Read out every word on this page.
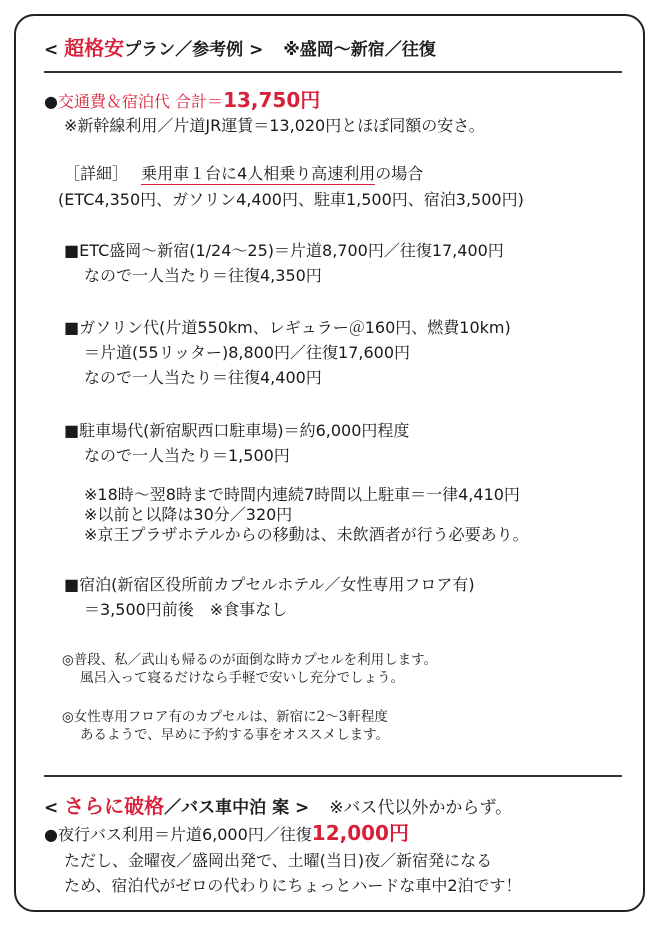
< 超格安プラン／参考例 > ※盛岡〜新宿／往復
●交通費＆宿泊代 合計＝13,750円
※新幹線利用／片道JR運賃＝13,020円とほぼ同額の安さ。
［詳細］ 乗用車１台に4人相乗り高速利用の場合
(ETC4,350円、ガソリン4,400円、駐車1,500円、宿泊3,500円)
■ETC盛岡〜新宿(1/24〜25)＝片道8,700円／往復17,400円
なので一人当たり＝往復4,350円
■ガソリン代(片道550km、レギュラー＠160円、燃費10km)
＝片道(55リッター)8,800円／往復17,600円
なので一人当たり＝往復4,400円
■駐車場代(新宿駅西口駐車場)＝約6,000円程度
なので一人当たり＝1,500円
※18時〜翌8時まで時間内連続7時間以上駐車＝一律4,410円
※以前と以降は30分／320円
※京王プラザホテルからの移動は、未飲酒者が行う必要あり。
■宿泊(新宿区役所前カプセルホテル／女性専用フロア有)
＝3,500円前後　※食事なし
◎普段、私／武山も帰るのが面倒な時カプセルを利用します。
風呂入って寝るだけなら手軽で安いし充分でしょう。
◎女性専用フロア有のカプセルは、新宿に2〜3軒程度
あるようで、早めに予約する事をオススメします。
< さらに破格／バス車中泊 案 > ※バス代以外かからず。
●夜行バス利用＝片道6,000円／往復12,000円
ただし、金曜夜／盛岡出発で、土曜(当日)夜／新宿発になる
ため、宿泊代がゼロの代わりにちょっとハードな車中2泊です！
